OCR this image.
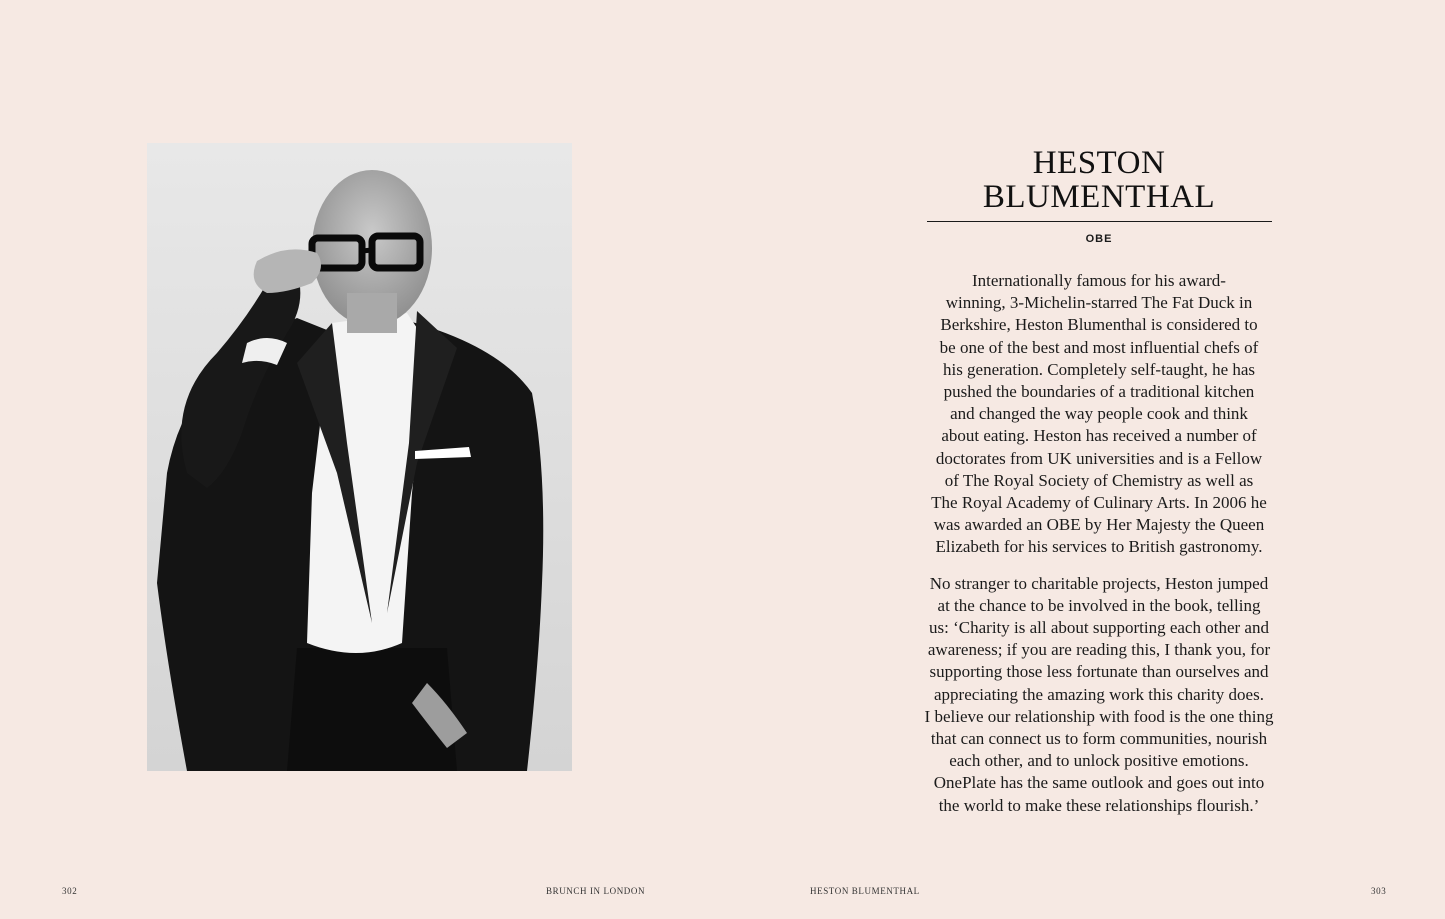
HESTON
BLUMENTHAL
OBE

Internationally famous for his award-
winning, 3-Michelin-starred The Fat Duck in
Berkshire, Heston Blumenthal is considered to
be one of the best and most influential chefs of
his generation. Completely self-taught, he has
pushed the boundaries of a traditional kitchen
and changed the way people cook and think
about eating. Heston has received a number of
doctorates from UK universities and is a Fellow
of The Royal Society of Chemistry as well as
The Royal Academy of Culinary Arts. In 2006 he
was awarded an OBE by Her Majesty the Queen
Elizabeth for his services to British gastronomy.

No stranger to charitable projects, Heston jumped
at the chance to be involved in the book, telling
us: ‘Charity is all about supporting each other and
awareness; if you are reading this, I thank you, for
supporting those less fortunate than ourselves and
appreciating the amazing work this charity does.
I believe our relationship with food is the one thing
that can connect us to form communities, nourish
each other, and to unlock positive emotions.
OnePlate has the same outlook and goes out into
the world to make these relationships flourish.’

302	BRUNCH IN LONDON	HESTON BLUMENTHAL	303
